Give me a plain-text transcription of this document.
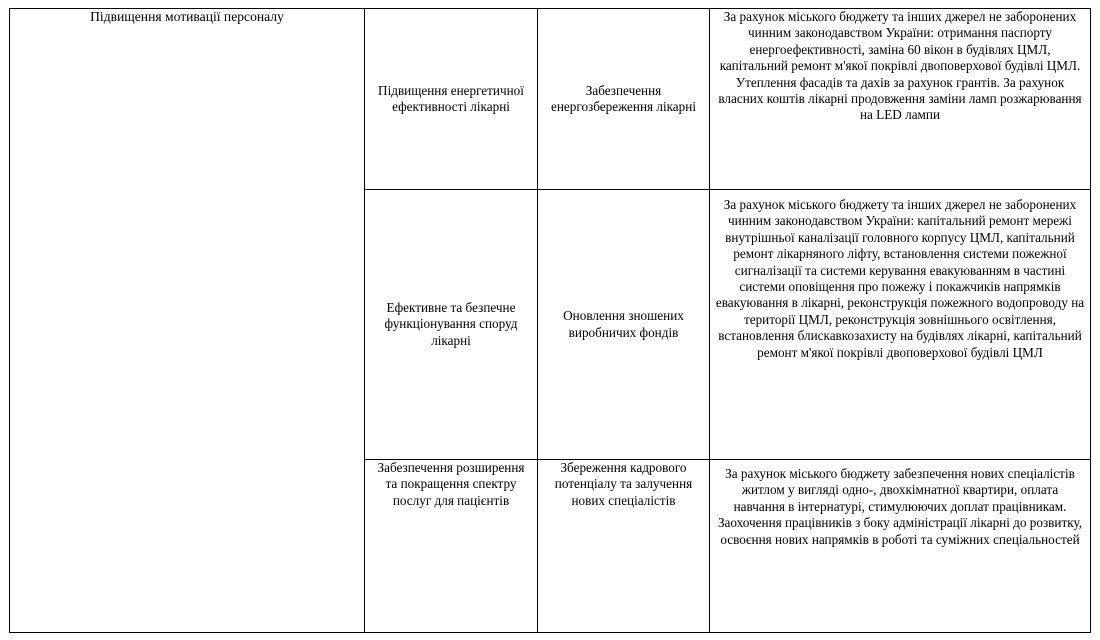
Підвищення мотивації персоналу	Підвищення енергетичної ефективності лікарні	Забезпечення енергозбереження лікарні	За рахунок міського бюджету та інших джерел не заборонених чинним законодавством України: отримання паспорту енергоефективності, заміна 60 вікон в будівлях ЦМЛ, капітальний ремонт м'якої покрівлі двоповерхової будівлі ЦМЛ. Утеплення фасадів та дахів за рахунок грантів. За рахунок власних коштів лікарні продовження заміни ламп розжарювання на LED лампи

	Ефективне та безпечне функціонування споруд лікарні	Оновлення зношених виробничих фондів	За рахунок міського бюджету та інших джерел не заборонених чинним законодавством України: капітальний ремонт мережі внутрішньої каналізації головного корпусу ЦМЛ, капітальний ремонт лікарняного ліфту, встановлення системи пожежної сигналізації та системи керування евакуюванням в частині системи оповіщення про пожежу і покажчиків напрямків евакуювання в лікарні, реконструкція пожежного водопроводу на території ЦМЛ, реконструкція зовнішнього освітлення, встановлення блискавкозахисту на будівлях лікарні, капітальний ремонт м'якої покрівлі двоповерхової будівлі ЦМЛ

	Забезпечення розширення та покращення спектру послуг для пацієнтів	Збереження кадрового потенціалу та залучення нових спеціалістів	За рахунок міського бюджету забезпечення нових спеціалістів житлом у вигляді одно-, двохкімнатної квартири, оплата навчання в інтернатурі, стимулюючих доплат працівникам. Заохочення працівників з боку адміністрації лікарні до розвитку, освоєння нових напрямків в роботі та суміжних спеціальностей
